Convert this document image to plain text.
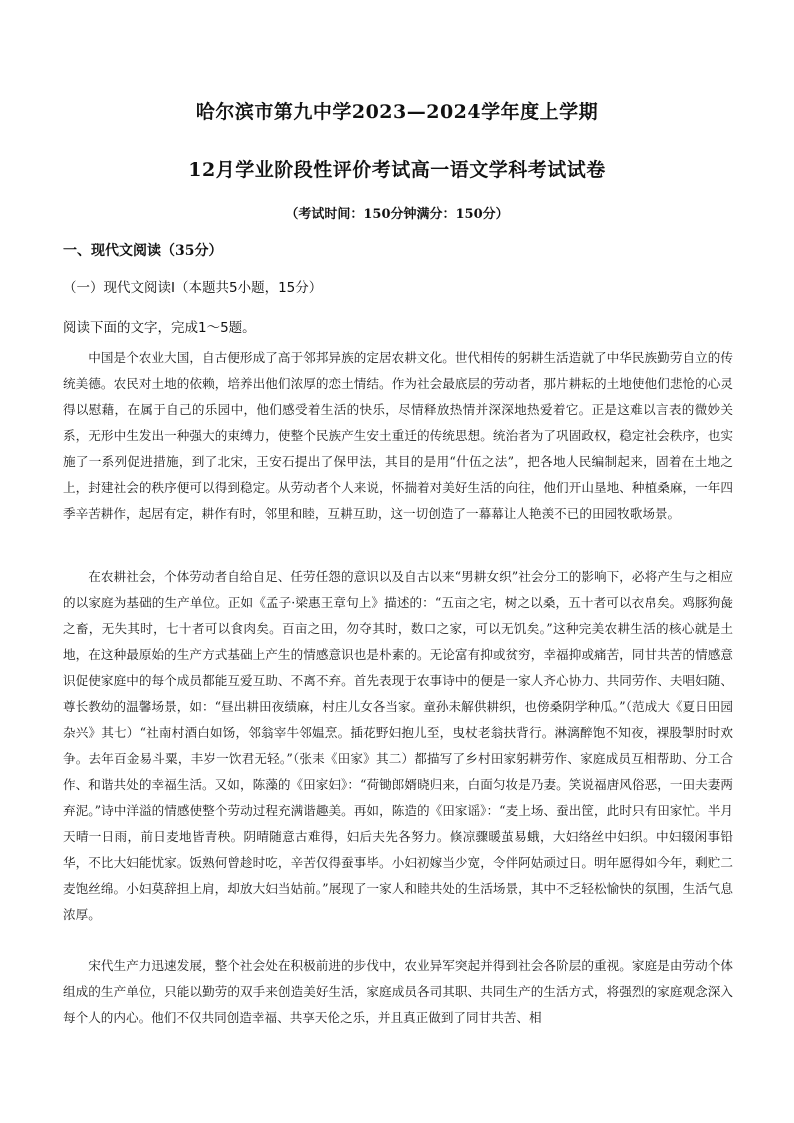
哈尔滨市第九中学2023—2024学年度上学期
12月学业阶段性评价考试高一语文学科考试试卷
（考试时间：150分钟满分：150分）
一、现代文阅读（35分）
（一）现代文阅读Ⅰ（本题共5小题，15分）
阅读下面的文字，完成1～5题。

中国是个农业大国，自古便形成了高于邻邦异族的定居农耕文化。世代相传的躬耕生活造就了中华民族勤劳自立的传统美德。农民对土地的依赖，培养出他们浓厚的恋土情结。作为社会最底层的劳动者，那片耕耘的土地使他们悲怆的心灵得以慰藉，在属于自己的乐园中，他们感受着生活的快乐，尽情释放热情并深深地热爱着它。正是这难以言表的微妙关系，无形中生发出一种强大的束缚力，使整个民族产生安土重迁的传统思想。统治者为了巩固政权，稳定社会秩序，也实施了一系列促进措施，到了北宋，王安石提出了保甲法，其目的是用“什伍之法”，把各地人民编制起来，固着在土地之上，封建社会的秩序便可以得到稳定。从劳动者个人来说，怀揣着对美好生活的向往，他们开山垦地、种植桑麻，一年四季辛苦耕作，起居有定，耕作有时，邻里和睦，互耕互助，这一切创造了一幕幕让人艳羡不已的田园牧歌场景。

在农耕社会，个体劳动者自给自足、任劳任怨的意识以及自古以来“男耕女织”社会分工的影响下，必将产生与之相应的以家庭为基础的生产单位。正如《孟子·梁惠王章句上》描述的：“五亩之宅，树之以桑，五十者可以衣帛矣。鸡豚狗彘之畜，无失其时，七十者可以食肉矣。百亩之田，勿夺其时，数口之家，可以无饥矣。”这种完美农耕生活的核心就是土地，在这种最原始的生产方式基础上产生的情感意识也是朴素的。无论富有抑或贫穷，幸福抑或痛苦，同甘共苦的情感意识促使家庭中的每个成员都能互爱互助、不离不弃。首先表现于农事诗中的便是一家人齐心协力、共同劳作、夫唱妇随、尊长教幼的温馨场景，如：“昼出耕田夜绩麻，村庄儿女各当家。童孙未解供耕织，也傍桑阴学种瓜。”（范成大《夏日田园杂兴》其七）“社南村酒白如饧，邻翁宰牛邻媪烹。插花野妇抱儿至，曳杖老翁扶背行。淋漓醉饱不知夜，裸股掣肘时欢争。去年百金易斗粟，丰岁一饮君无轻。”（张耒《田家》其二）都描写了乡村田家躬耕劳作、家庭成员互相帮助、分工合作、和谐共处的幸福生活。又如，陈藻的《田家妇》：“荷锄郎婿晓归来，白面匀妆是乃妻。笑说福唐风俗恶，一田夫妻两弃泥。”诗中洋溢的情感使整个劳动过程充满谐趣美。再如，陈造的《田家谣》：“麦上场、蚕出筐，此时只有田家忙。半月天晴一日雨，前日麦地皆青秧。阴晴随意古难得，妇后夫先各努力。倏凉骤暖茧易蛾，大妇络丝中妇织。中妇辍闲事铅华，不比大妇能忧家。饭熟何曾趁时吃，辛苦仅得蚕事毕。小妇初嫁当少宽，令伴阿姑顽过日。明年愿得如今年，剩贮二麦饱丝绵。小妇莫辞担上肩，却放大妇当姑前。”展现了一家人和睦共处的生活场景，其中不乏轻松愉快的氛围，生活气息浓厚。

宋代生产力迅速发展，整个社会处在积极前进的步伐中，农业异军突起并得到社会各阶层的重视。家庭是由劳动个体组成的生产单位，只能以勤劳的双手来创造美好生活，家庭成员各司其职、共同生产的生活方式，将强烈的家庭观念深入每个人的内心。他们不仅共同创造幸福、共享天伦之乐，并且真正做到了同甘共苦、相
